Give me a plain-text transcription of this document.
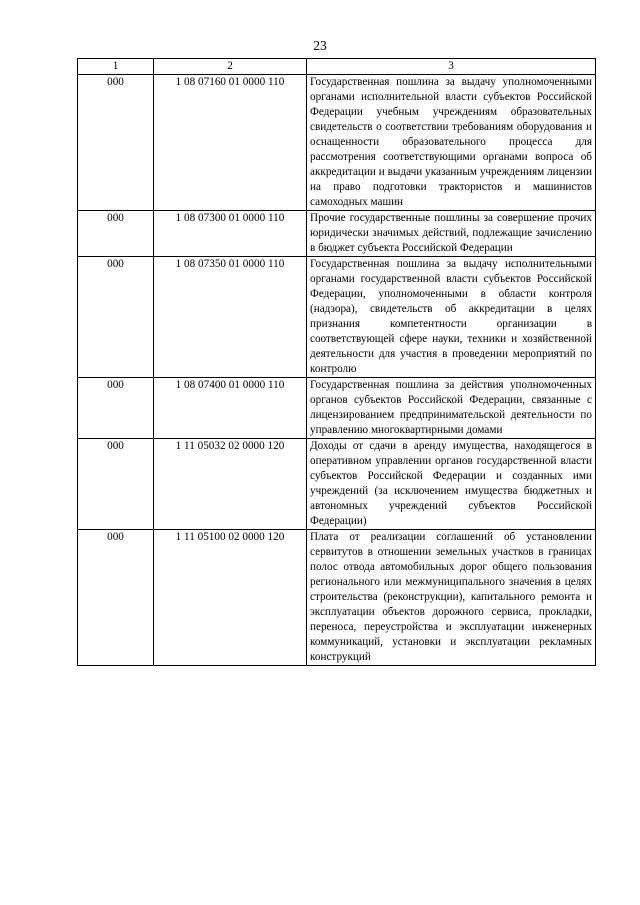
23
1	2	3
000	1 08 07160 01 0000 110	Государственная пошлина за выдачу уполномоченными органами исполнительной власти субъектов Российской Федерации учебным учреждениям образовательных свидетельств о соответствии требованиям оборудования и оснащенности образовательного процесса для рассмотрения соответствующими органами вопроса об аккредитации и выдачи указанным учреждениям лицензии на право подготовки трактористов и машинистов самоходных машин
000	1 08 07300 01 0000 110	Прочие государственные пошлины за совершение прочих юридически значимых действий, подлежащие зачислению в бюджет субъекта Российской Федерации
000	1 08 07350 01 0000 110	Государственная пошлина за выдачу исполнительными органами государственной власти субъектов Российской Федерации, уполномоченными в области контроля (надзора), свидетельств об аккредитации в целях признания компетентности организации в соответствующей сфере науки, техники и хозяйственной деятельности для участия в проведении мероприятий по контролю
000	1 08 07400 01 0000 110	Государственная пошлина за действия уполномоченных органов субъектов Российской Федерации, связанные с лицензированием предпринимательской деятельности по управлению многоквартирными домами
000	1 11 05032 02 0000 120	Доходы от сдачи в аренду имущества, находящегося в оперативном управлении органов государственной власти субъектов Российской Федерации и созданных ими учреждений (за исключением имущества бюджетных и автономных учреждений субъектов Российской Федерации)
000	1 11 05100 02 0000 120	Плата от реализации соглашений об установлении сервитутов в отношении земельных участков в границах полос отвода автомобильных дорог общего пользования регионального или межмуниципального значения в целях строительства (реконструкции), капитального ремонта и эксплуатации объектов дорожного сервиса, прокладки, переноса, переустройства и эксплуатации инженерных коммуникаций, установки и эксплуатации рекламных конструкций
